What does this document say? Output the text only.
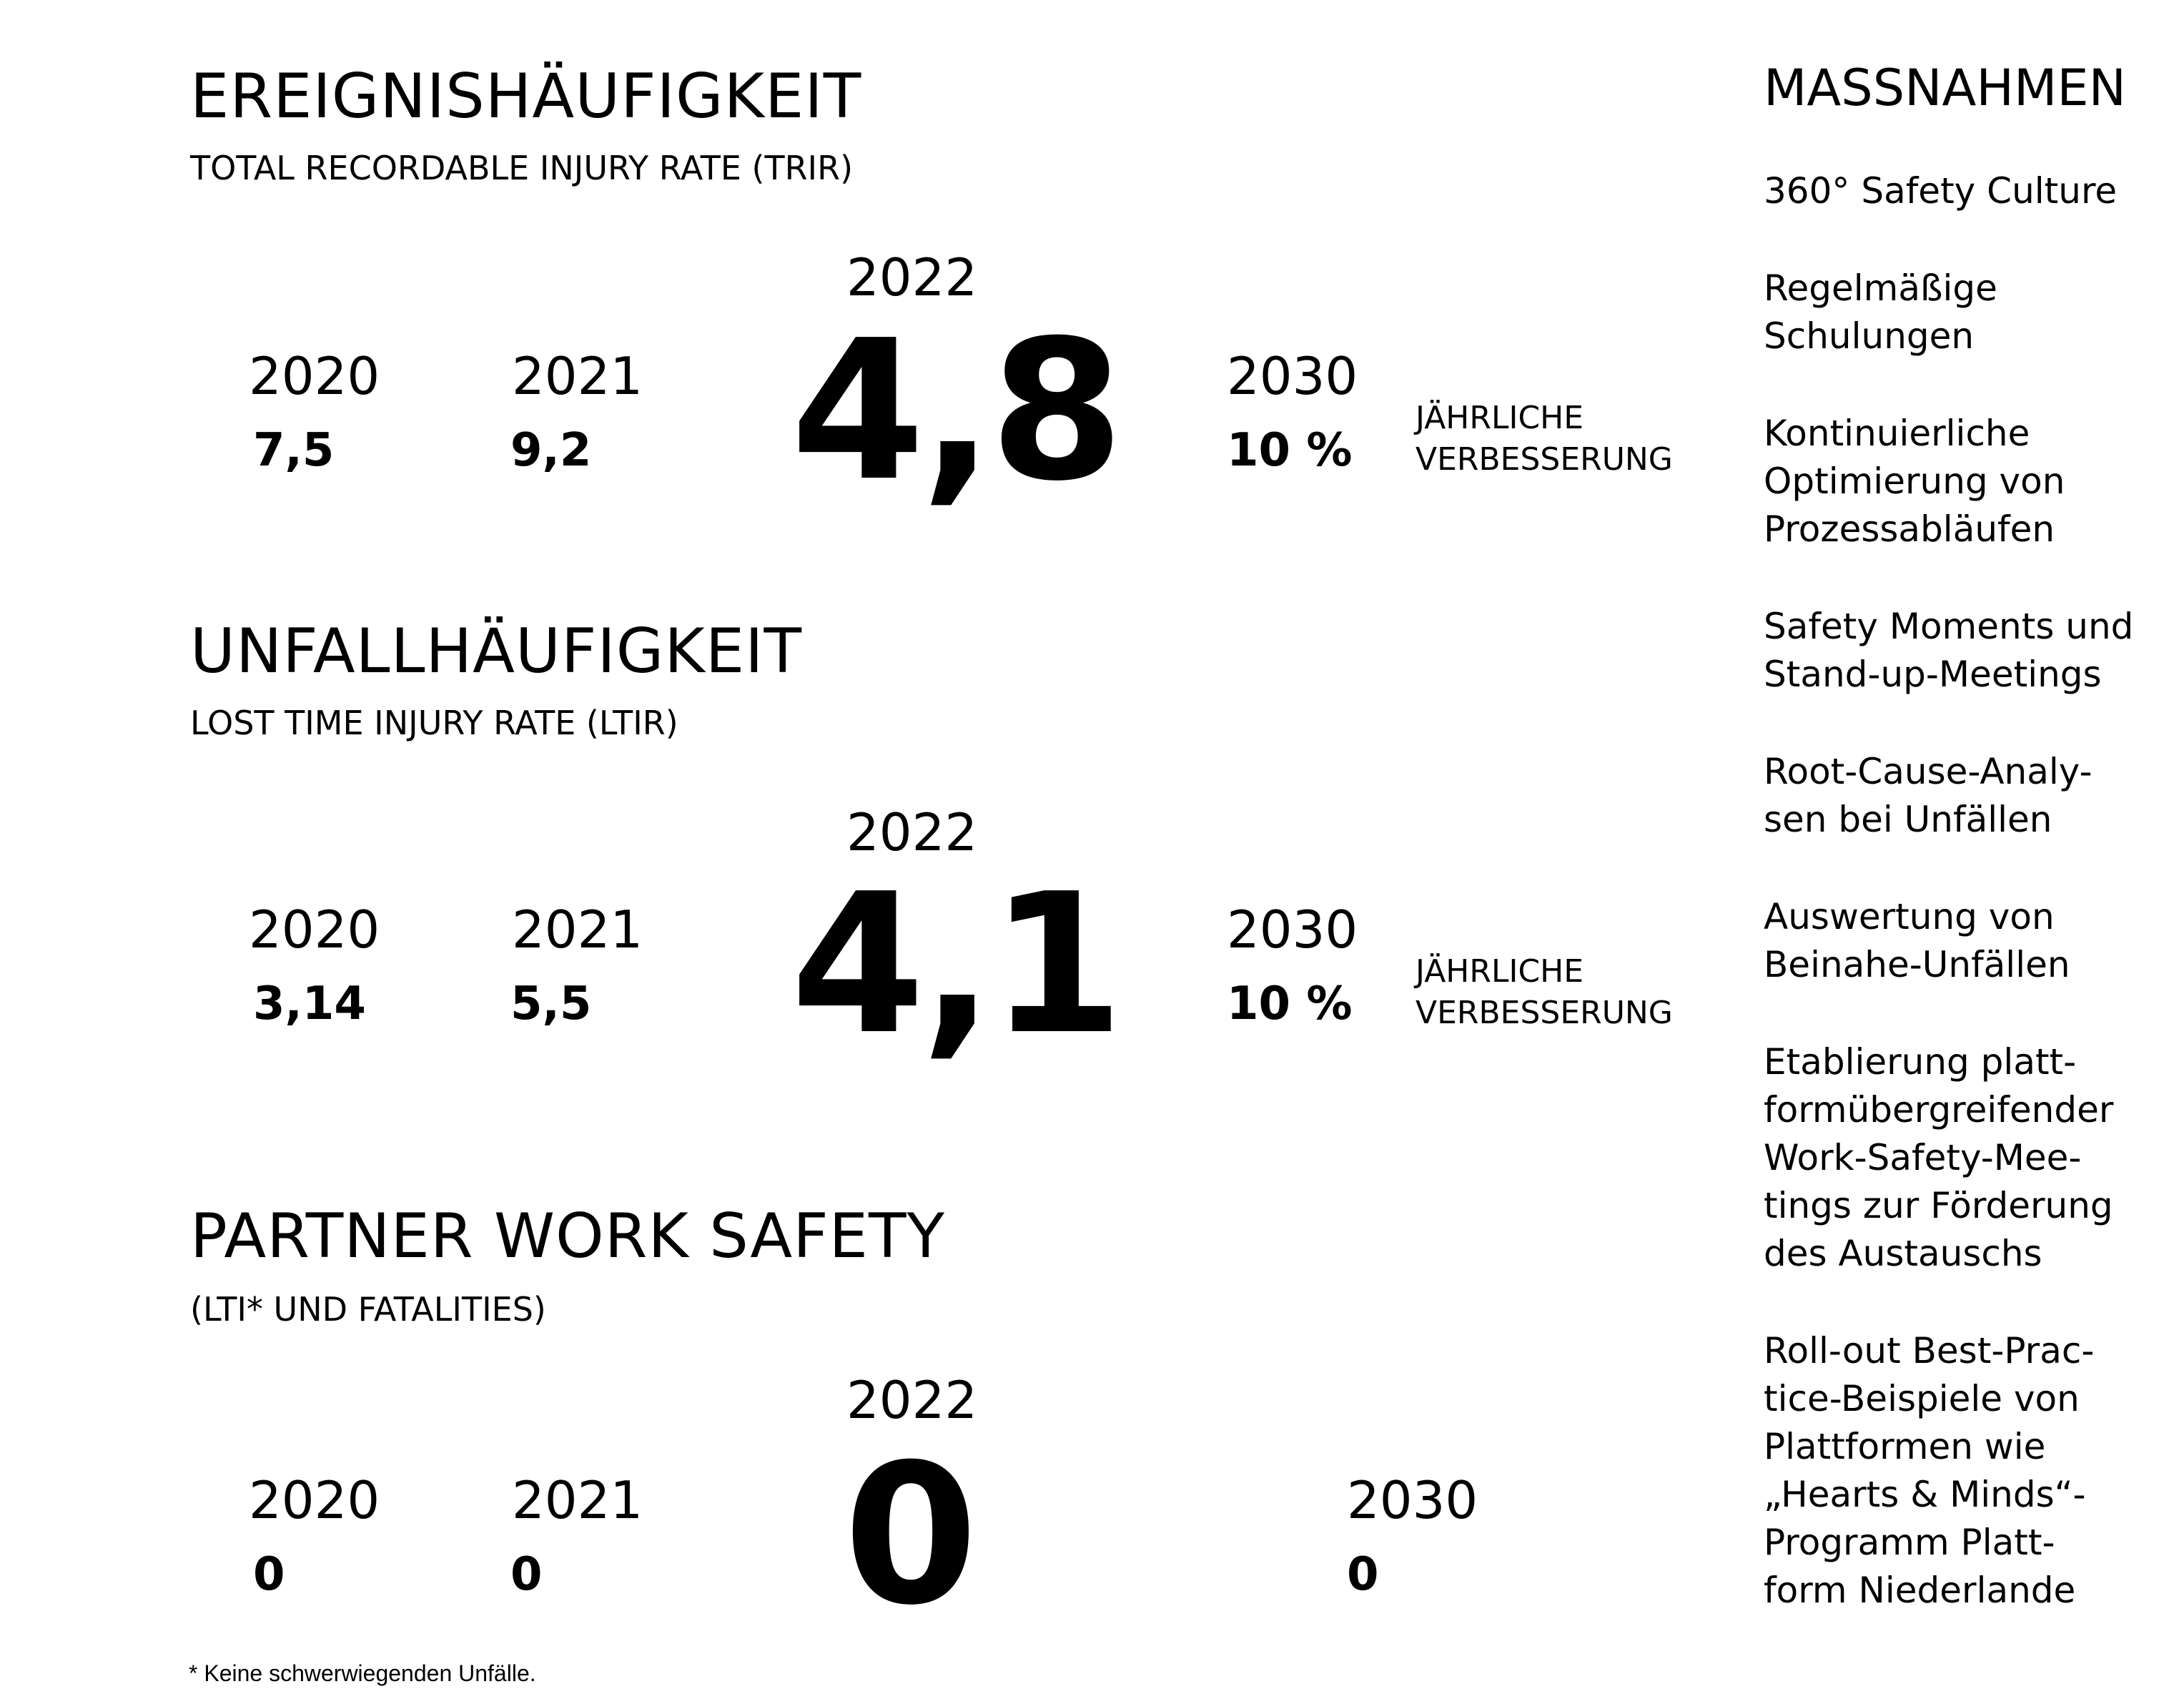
EREIGNISHÄUFIGKEIT
TOTAL RECORDABLE INJURY RATE (TRIR)
2020
7,5
2021
9,2
2022
4,8 2030
10 %
JÄHRLICHE
VERBESSERUNG
UNFALLHÄUFIGKEIT
LOST TIME INJURY RATE (LTIR)
2020
3,14
2021
5,5
2022
4,1 2030
10 %
JÄHRLICHE
VERBESSERUNG
PARTNER WORK SAFETY
(LTI* UND FATALITIES)
2020
0
2021
0
2022
0	2030
0
* Keine schwerwiegenden Unfälle.
MASSNAHMEN
360° Safety Culture
Regelmäßige
Schulungen
Kontinuierliche
Optimierung von
Prozessabläufen
Safety Moments und
Stand-up-Meetings
Root-Cause-Analy-
sen bei Unfällen
Auswertung von
Beinahe-Unfällen
Etablierung platt-
formübergreifender
Work-Safety-Mee-
tings zur Förderung
des Austauschs
Roll-out Best-Prac-
tice-Beispiele von
Plattformen wie
„Hearts & Minds“-
Programm Platt-
form Niederlande
